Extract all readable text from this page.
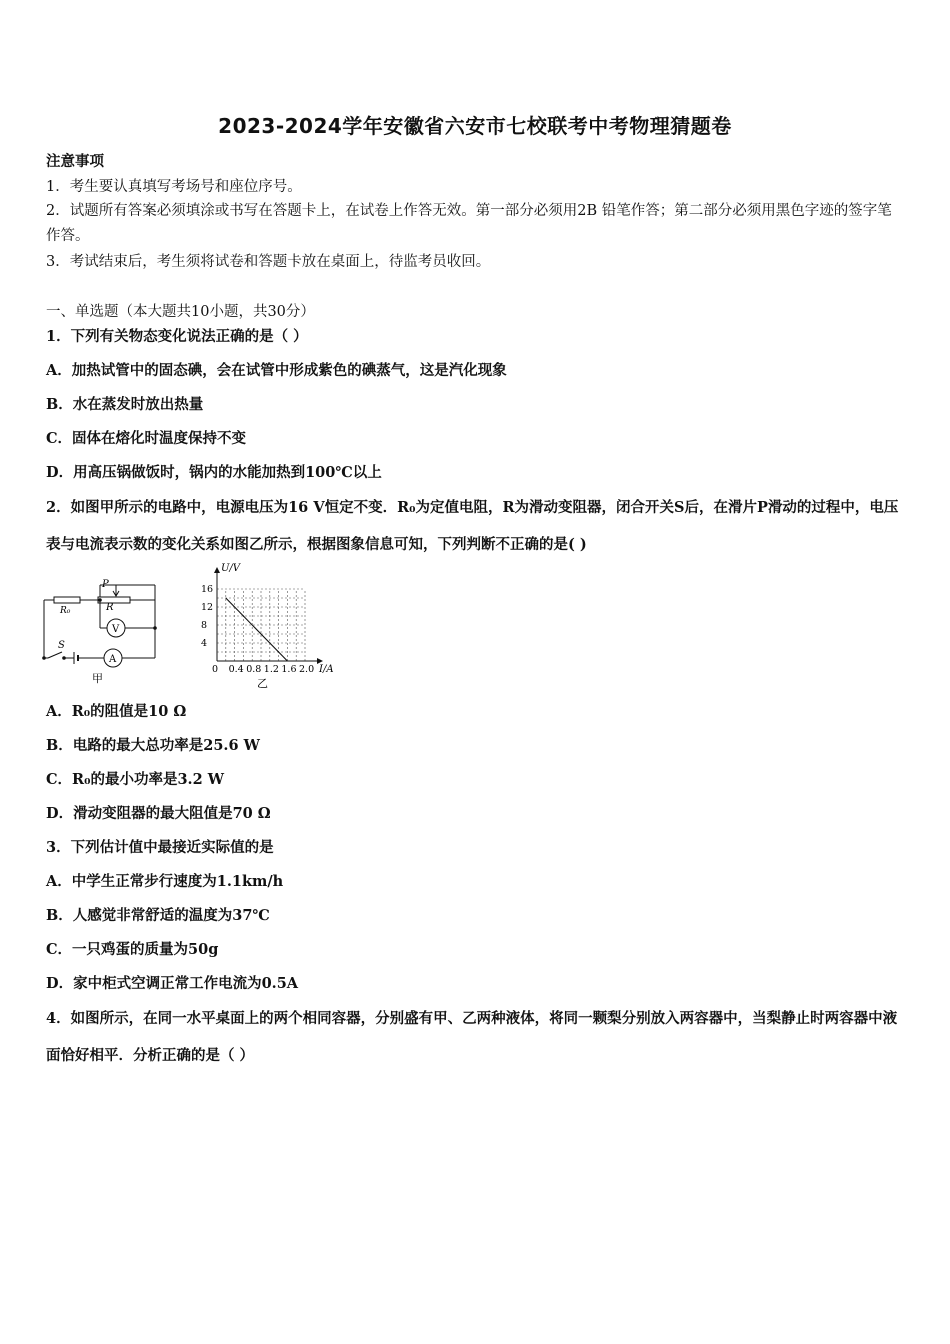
2023-2024学年安徽省六安市七校联考中考物理猜题卷
注意事项
1．考生要认真填写考场号和座位序号。
2．试题所有答案必须填涂或书写在答题卡上，在试卷上作答无效。第一部分必须用2B 铅笔作答；第二部分必须用黑色字迹的签字笔作答。
3．考试结束后，考生须将试卷和答题卡放在桌面上，待监考员收回。
一、单选题（本大题共10小题，共30分）
1．下列有关物态变化说法正确的是（ ）
A．加热试管中的固态碘，会在试管中形成紫色的碘蒸气，这是汽化现象
B．水在蒸发时放出热量
C．固体在熔化时温度保持不变
D．用高压锅做饭时，锅内的水能加热到100℃以上
2．如图甲所示的电路中，电源电压为16 V恒定不变．R₀为定值电阻，R为滑动变阻器，闭合开关S后，在滑片P滑动的过程中，电压表与电流表示数的变化关系如图乙所示，根据图象信息可知，下列判断不正确的是( )
R₀	R
P
V
A
S
甲
0 0.4 0.8 1.2 1.6 2.0
4
8
12
16
U/V
I/A
乙
A．R₀的阻值是10 Ω
B．电路的最大总功率是25.6 W
C．R₀的最小功率是3.2 W
D．滑动变阻器的最大阻值是70 Ω
3．下列估计值中最接近实际值的是
A．中学生正常步行速度为1.1km/h
B．人感觉非常舒适的温度为37℃
C．一只鸡蛋的质量为50g
D．家中柜式空调正常工作电流为0.5A
4．如图所示，在同一水平桌面上的两个相同容器，分别盛有甲、乙两种液体，将同一颗梨分别放入两容器中，当梨静止时两容器中液面恰好相平．分析正确的是（ ）
